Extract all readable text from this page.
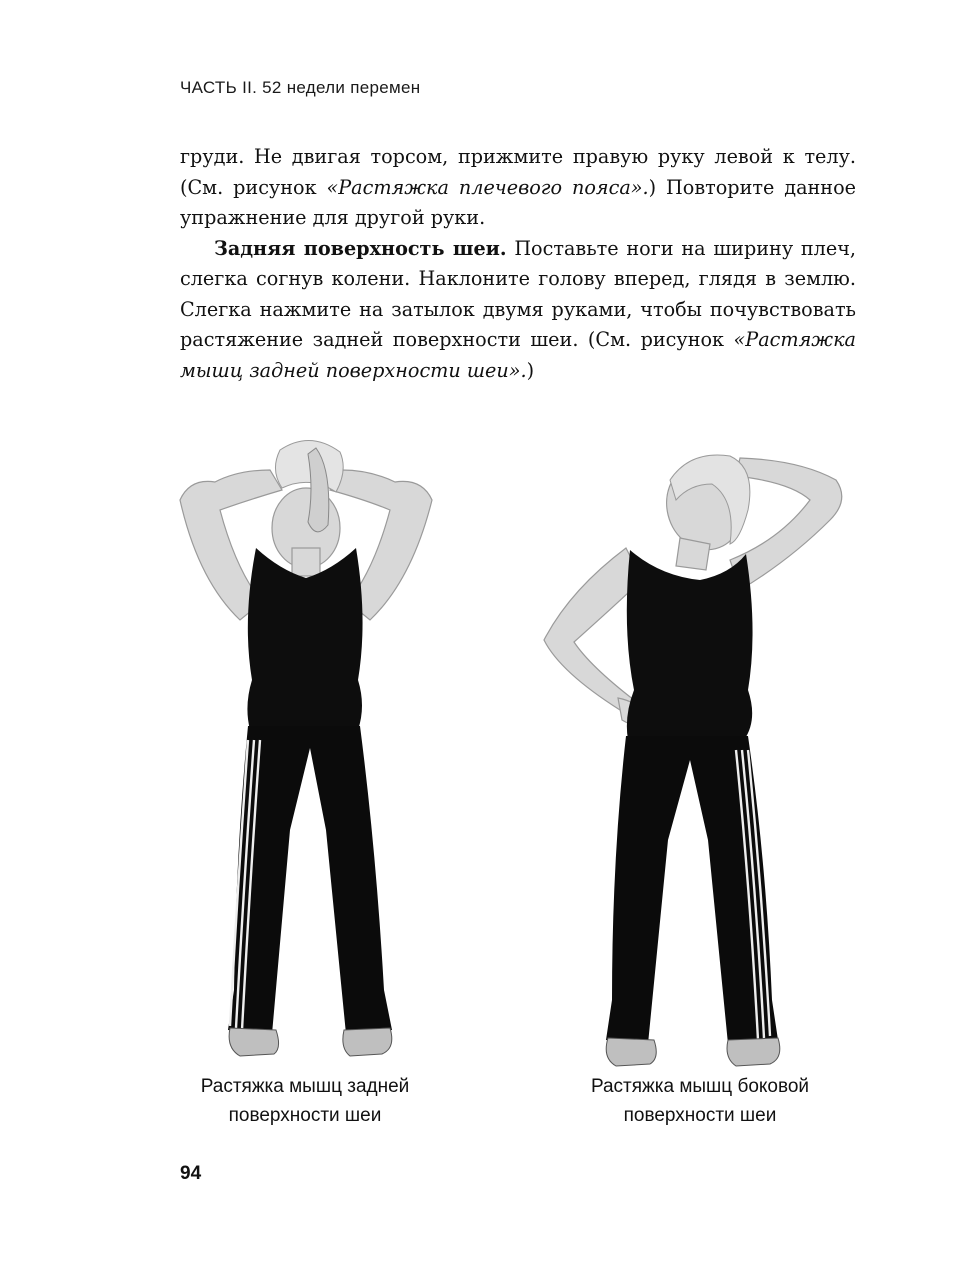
ЧАСТЬ II. 52 недели перемен

груди. Не двигая торсом, прижмите правую руку левой к телу. (См. рисунок «Растяжка плечевого пояса».) Повторите данное упражнение для другой руки.

Задняя поверхность шеи. Поставьте ноги на ширину плеч, слегка согнув колени. Наклоните голову вперед, глядя в землю. Слегка нажмите на затылок двумя руками, чтобы почувствовать растяжение задней поверхности шеи. (См. рисунок «Растяжка мышц задней поверхности шеи».)

Растяжка мышц задней
поверхности шеи
Растяжка мышц боковой
поверхности шеи
94
